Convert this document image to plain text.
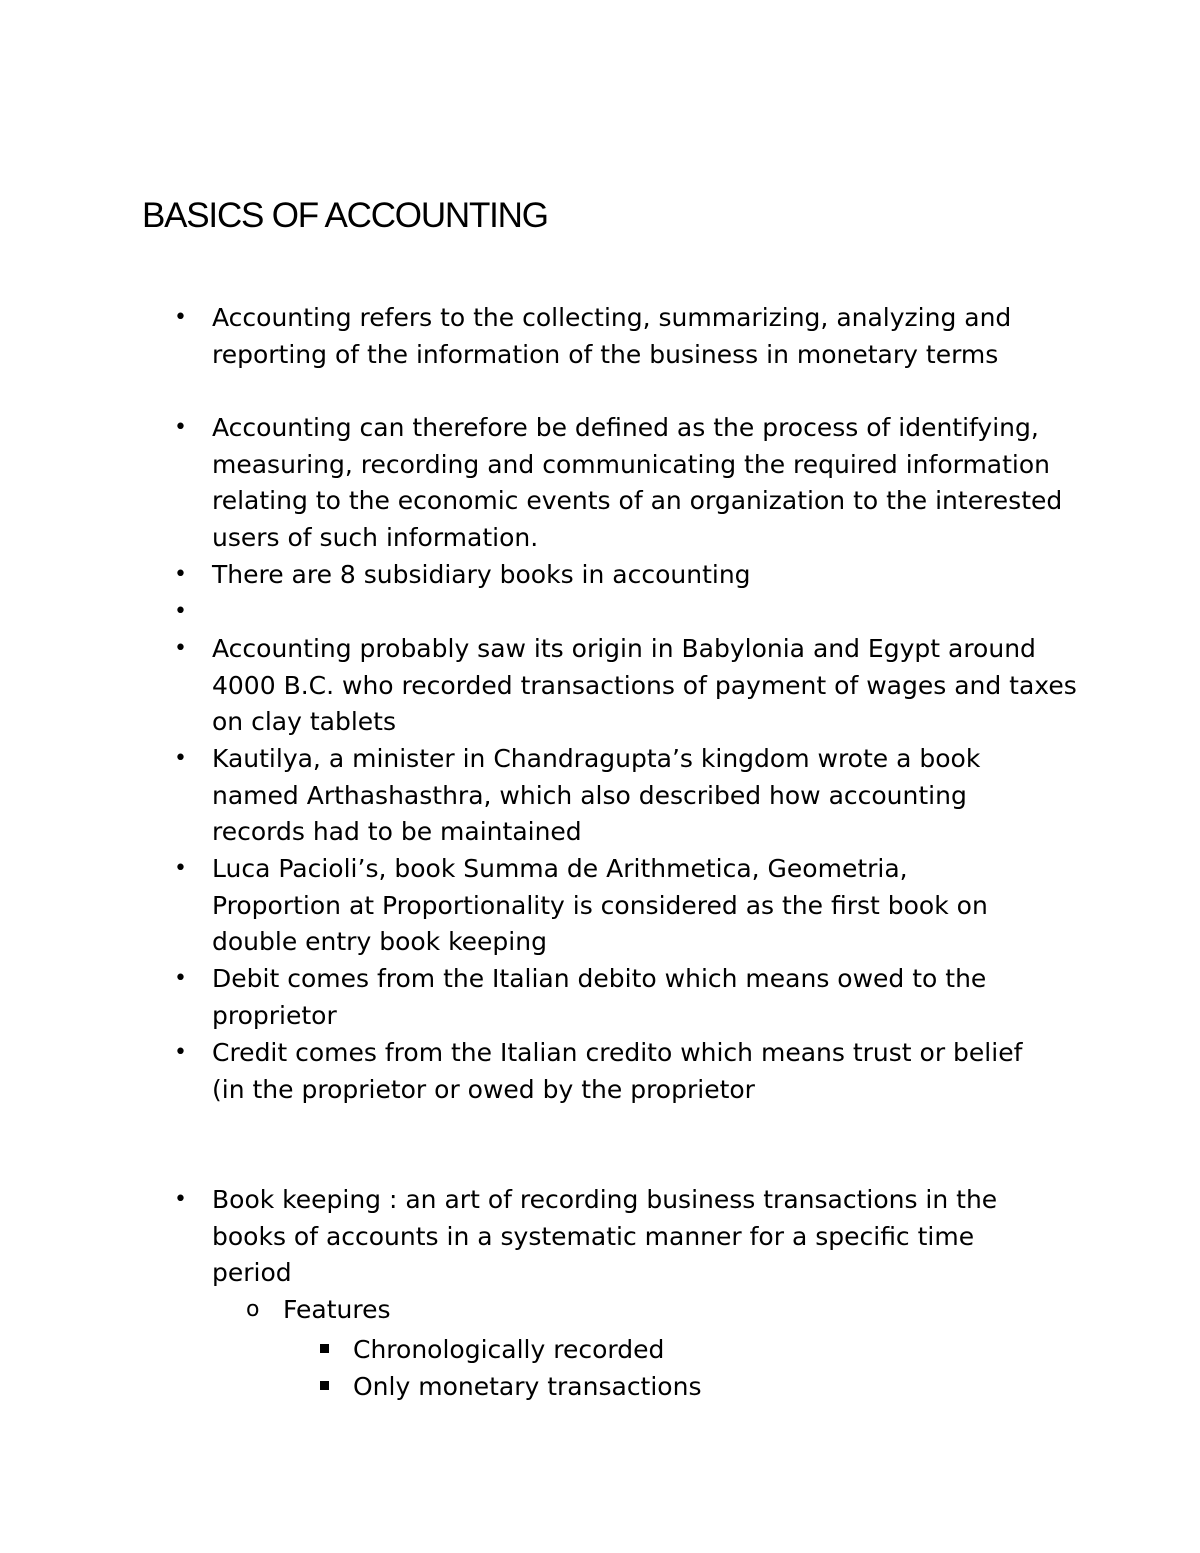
BASICS OF ACCOUNTING
• Accounting refers to the collecting, summarizing, analyzing and reporting of the information of the business in monetary terms
• Accounting can therefore be defined as the process of identifying, measuring, recording and communicating the required information relating to the economic events of an organization to the interested users of such information.
• There are 8 subsidiary books in accounting
•
• Accounting probably saw its origin in Babylonia and Egypt around 4000 B.C. who recorded transactions of payment of wages and taxes on clay tablets
• Kautilya, a minister in Chandragupta’s kingdom wrote a book named Arthashasthra, which also described how accounting records had to be maintained
• Luca Pacioli’s, book Summa de Arithmetica, Geometria, Proportion at Proportionality is considered as the first book on double entry book keeping
• Debit comes from the Italian debito which means owed to the proprietor
• Credit comes from the Italian credito which means trust or belief (in the proprietor or owed by the proprietor
• Book keeping : an art of recording business transactions in the books of accounts in a systematic manner for a specific time period
o Features
Chronologically recorded
Only monetary transactions
